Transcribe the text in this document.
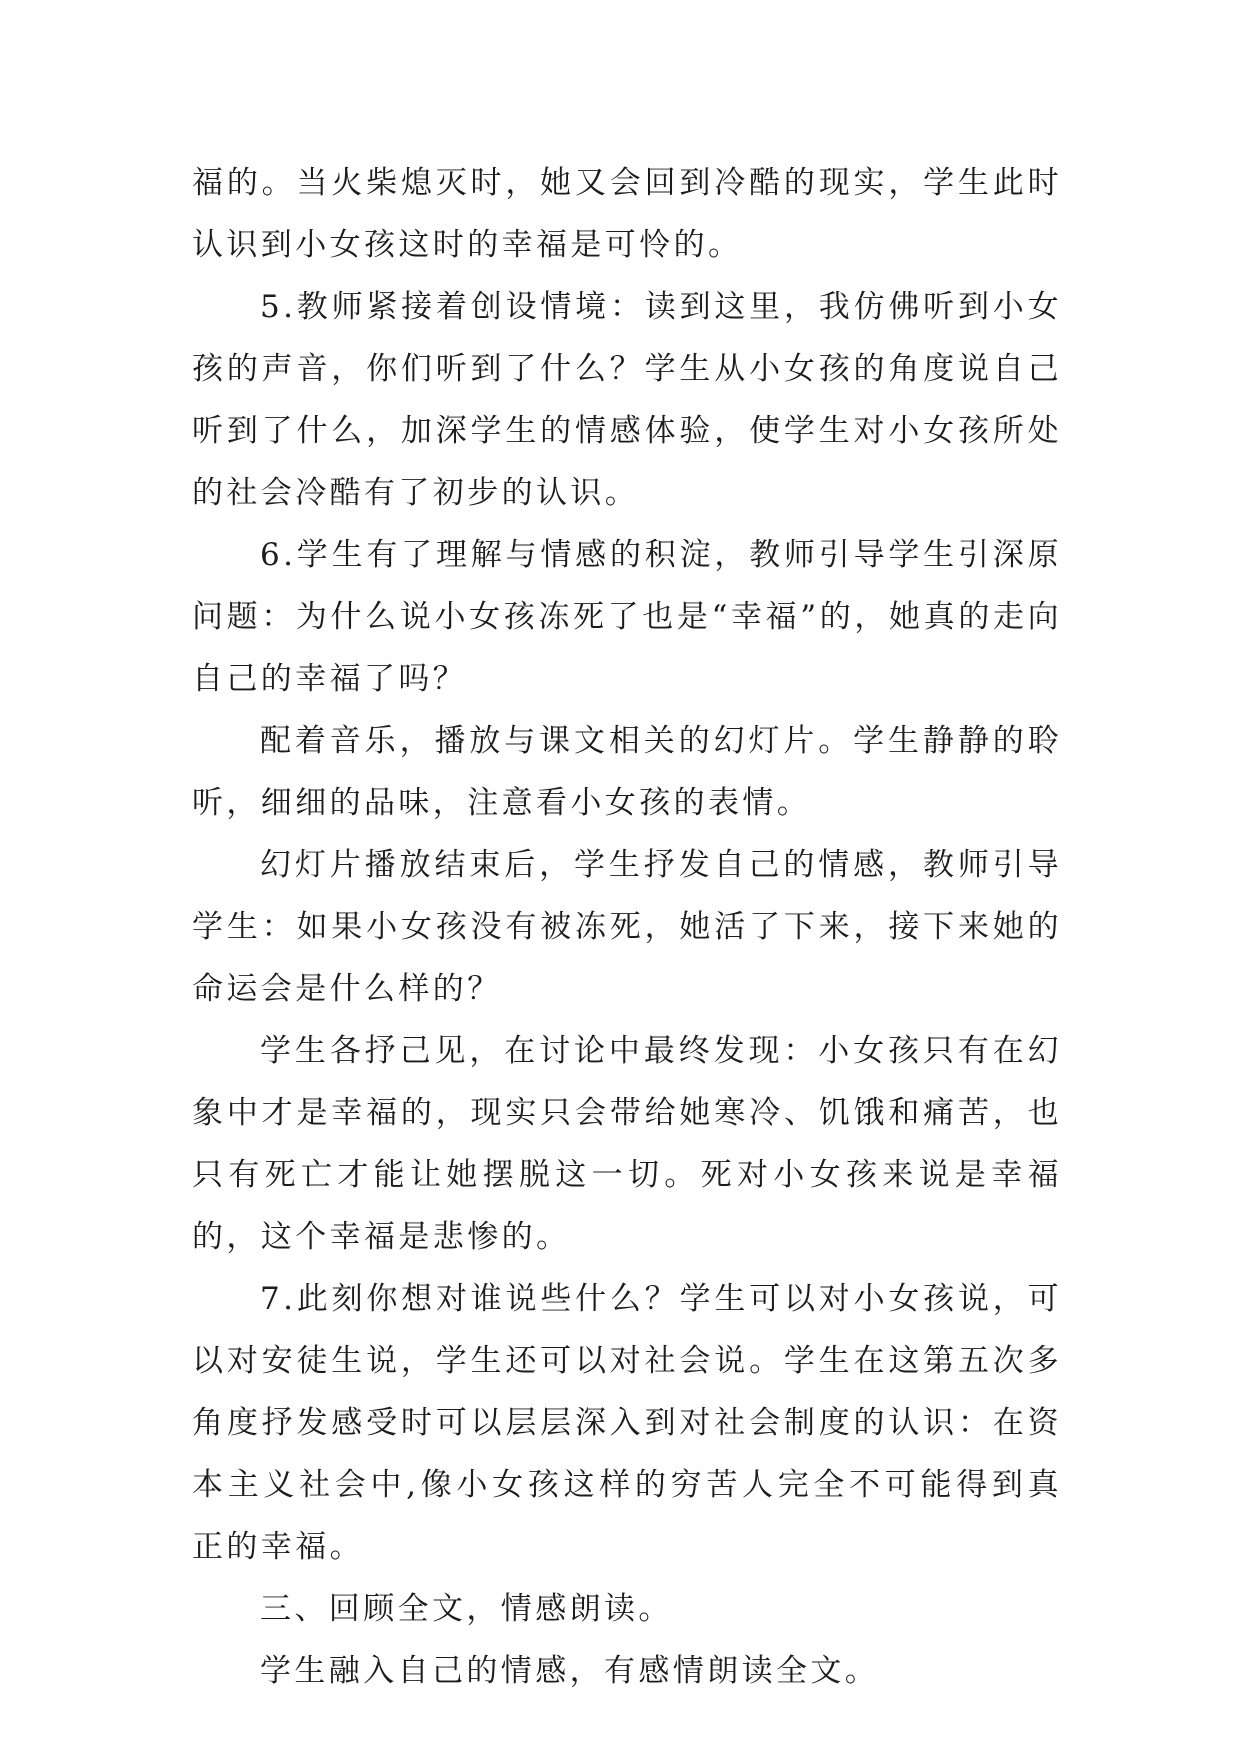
福的。当火柴熄灭时，她又会回到冷酷的现实，学生此时认识到小女孩这时的幸福是可怜的。

5.教师紧接着创设情境：读到这里，我仿佛听到小女孩的声音，你们听到了什么？学生从小女孩的角度说自己听到了什么，加深学生的情感体验，使学生对小女孩所处的社会冷酷有了初步的认识。

6.学生有了理解与情感的积淀，教师引导学生引深原问题：为什么说小女孩冻死了也是“幸福”的，她真的走向自己的幸福了吗？

配着音乐，播放与课文相关的幻灯片。学生静静的聆听，细细的品味，注意看小女孩的表情。

幻灯片播放结束后，学生抒发自己的情感，教师引导学生：如果小女孩没有被冻死，她活了下来，接下来她的命运会是什么样的？

学生各抒己见，在讨论中最终发现：小女孩只有在幻象中才是幸福的，现实只会带给她寒冷、饥饿和痛苦，也只有死亡才能让她摆脱这一切。死对小女孩来说是幸福的，这个幸福是悲惨的。

7.此刻你想对谁说些什么？学生可以对小女孩说，可以对安徒生说，学生还可以对社会说。学生在这第五次多角度抒发感受时可以层层深入到对社会制度的认识：在资本主义社会中,像小女孩这样的穷苦人完全不可能得到真正的幸福。

三、回顾全文，情感朗读。

学生融入自己的情感，有感情朗读全文。
